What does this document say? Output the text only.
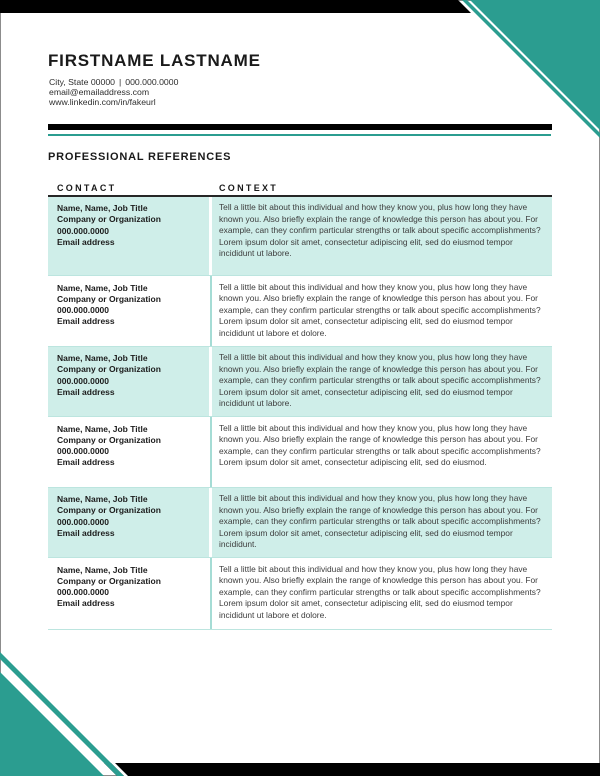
FIRSTNAME LASTNAME
City, State 00000 | 000.000.0000
email@emailaddress.com
www.linkedin.com/in/fakeurl
PROFESSIONAL REFERENCES
CONTACT	CONTEXT
Name, Name, Job Title
Company or Organization
000.000.0000
Email address
Tell a little bit about this individual and how they know you, plus how long they have known you. Also briefly explain the range of knowledge this person has about you. For example, can they confirm particular strengths or talk about specific accomplishments? Lorem ipsum dolor sit amet, consectetur adipiscing elit, sed do eiusmod tempor incididunt ut labore.
Name, Name, Job Title
Company or Organization
000.000.0000
Email address
Tell a little bit about this individual and how they know you, plus how long they have known you. Also briefly explain the range of knowledge this person has about you. For example, can they confirm particular strengths or talk about specific accomplishments? Lorem ipsum dolor sit amet, consectetur adipiscing elit, sed do eiusmod tempor incididunt ut labore et dolore.
Name, Name, Job Title
Company or Organization
000.000.0000
Email address
Tell a little bit about this individual and how they know you, plus how long they have known you. Also briefly explain the range of knowledge this person has about you. For example, can they confirm particular strengths or talk about specific accomplishments? Lorem ipsum dolor sit amet, consectetur adipiscing elit, sed do eiusmod tempor incididunt ut labore.
Name, Name, Job Title
Company or Organization
000.000.0000
Email address
Tell a little bit about this individual and how they know you, plus how long they have known you. Also briefly explain the range of knowledge this person has about you. For example, can they confirm particular strengths or talk about specific accomplishments? Lorem ipsum dolor sit amet, consectetur adipiscing elit, sed do eiusmod.
Name, Name, Job Title
Company or Organization
000.000.0000
Email address
Tell a little bit about this individual and how they know you, plus how long they have known you. Also briefly explain the range of knowledge this person has about you. For example, can they confirm particular strengths or talk about specific accomplishments? Lorem ipsum dolor sit amet, consectetur adipiscing elit, sed do eiusmod tempor incididunt.
Name, Name, Job Title
Company or Organization
000.000.0000
Email address
Tell a little bit about this individual and how they know you, plus how long they have known you. Also briefly explain the range of knowledge this person has about you. For example, can they confirm particular strengths or talk about specific accomplishments? Lorem ipsum dolor sit amet, consectetur adipiscing elit, sed do eiusmod tempor incididunt ut labore et dolore.
